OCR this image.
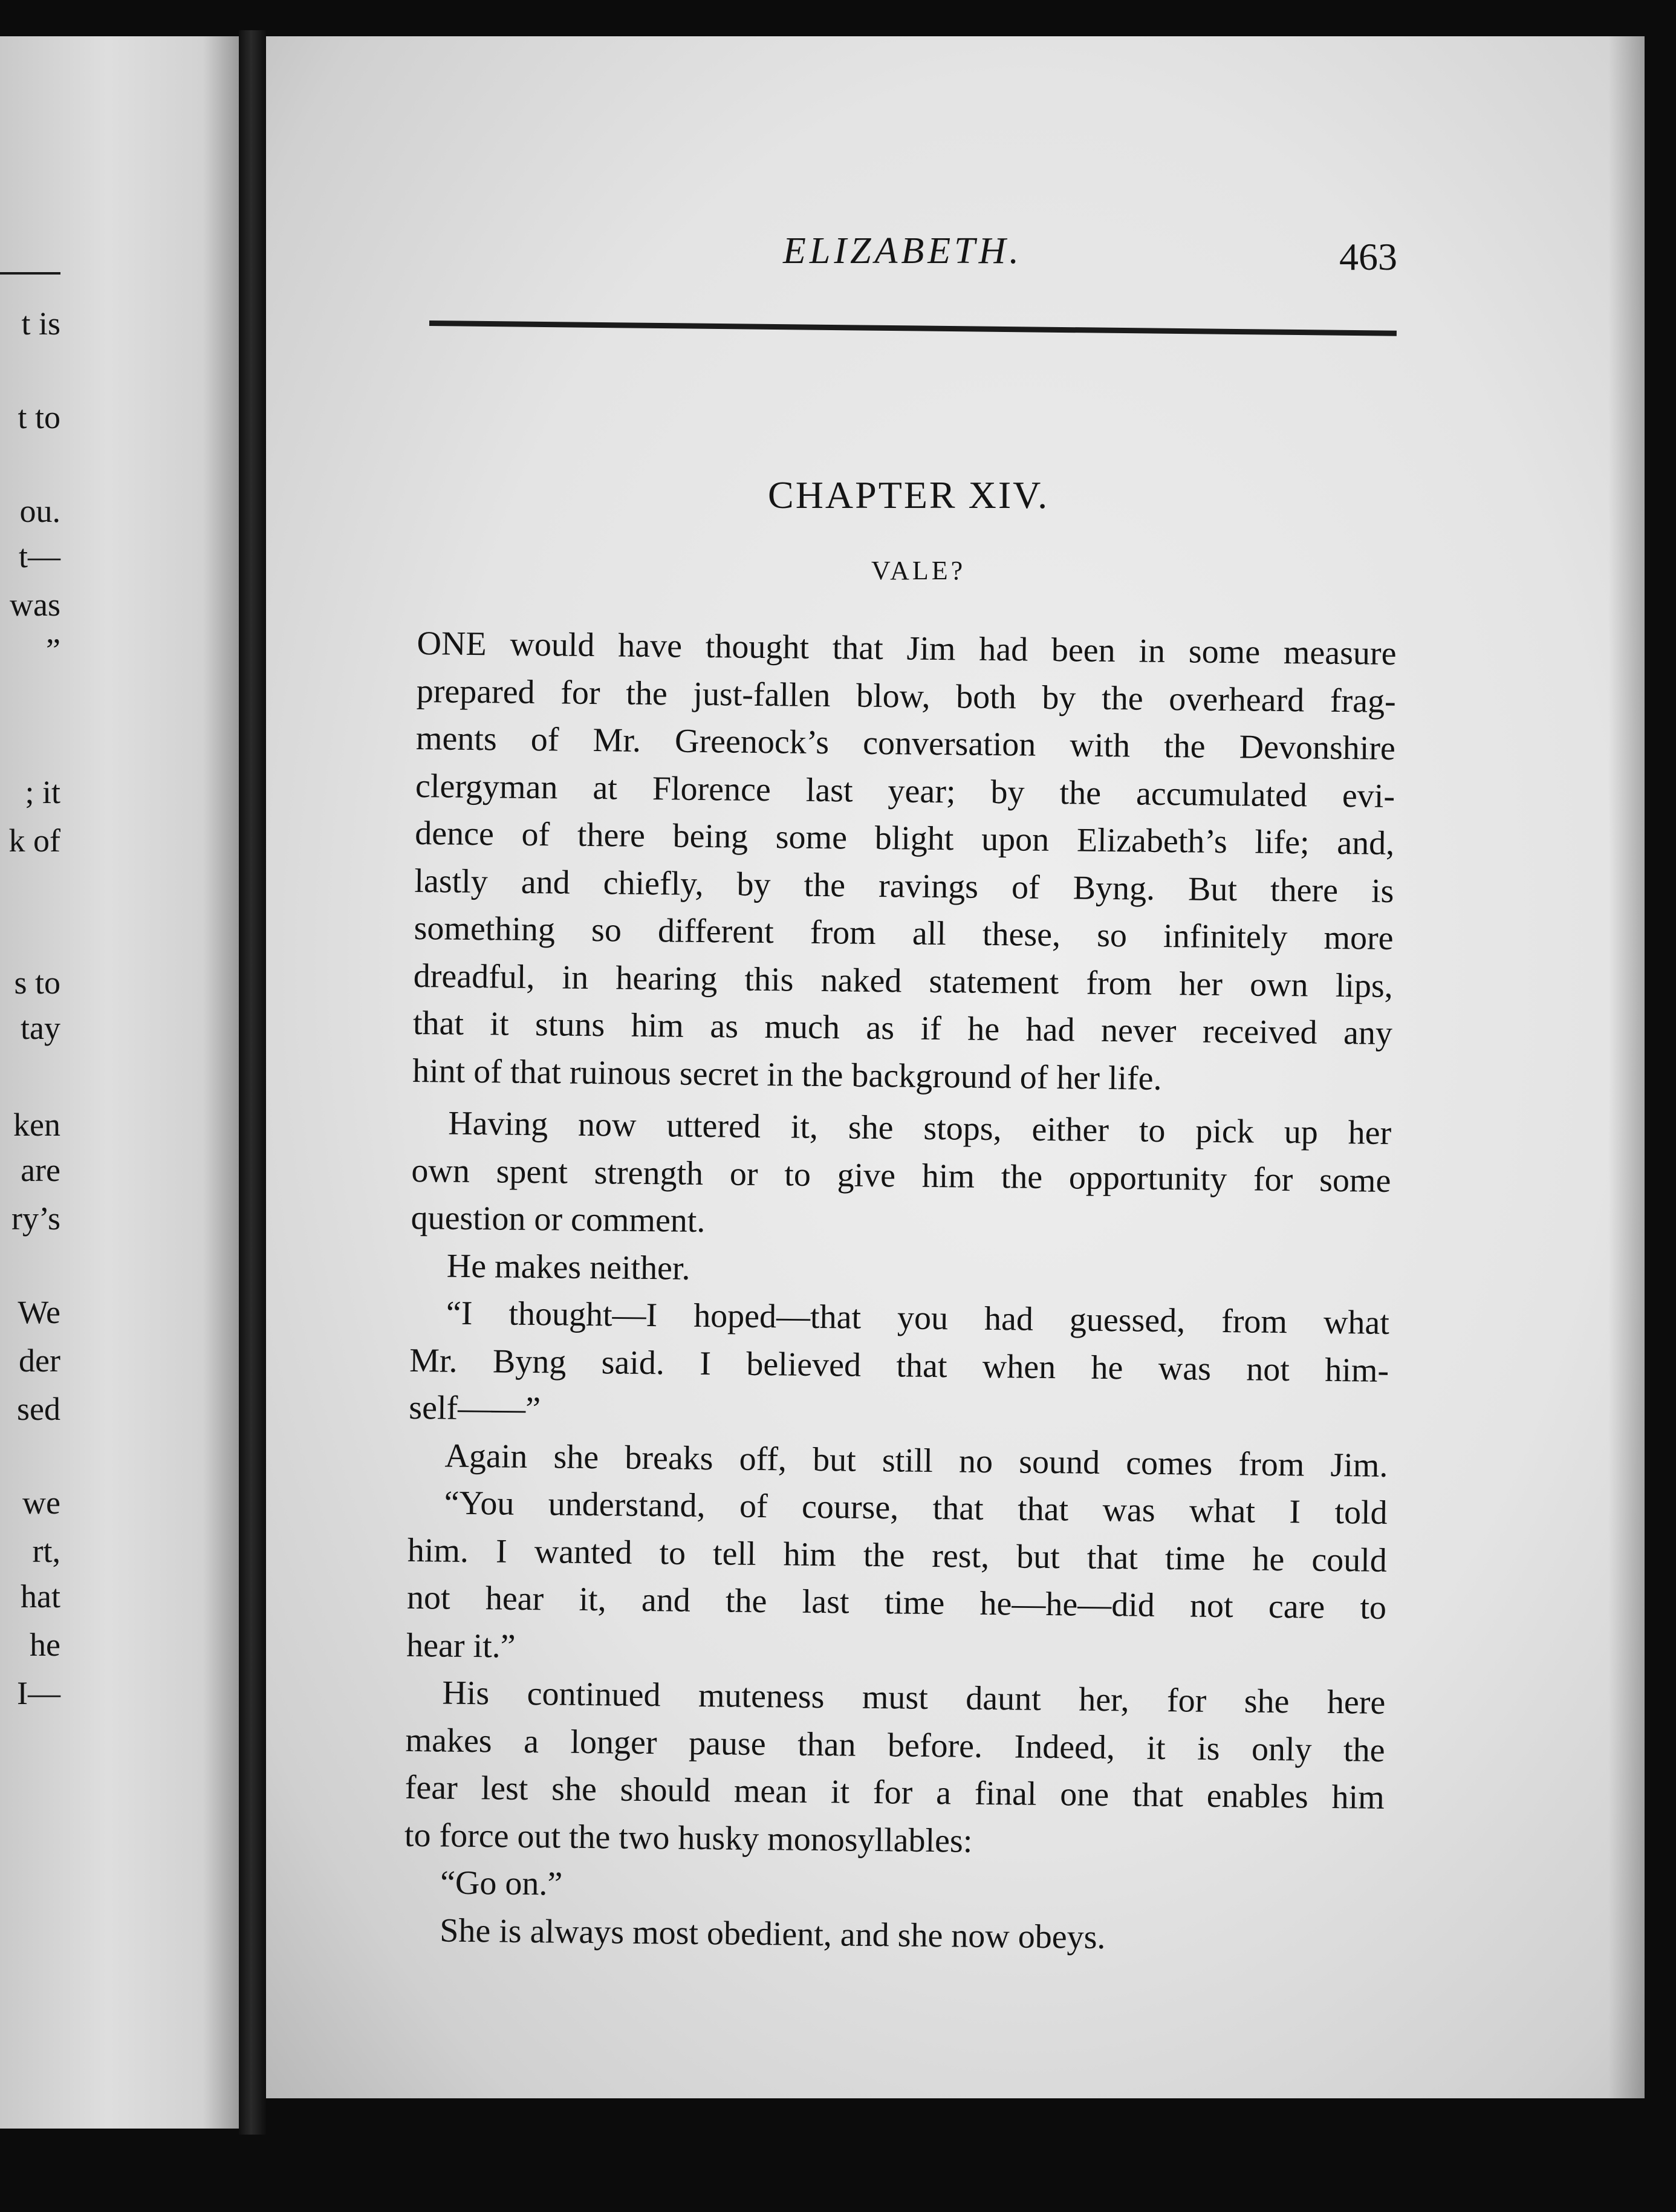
t is
t to
ou.
t—
was
”
; it
k of
s to
tay
ken
are
ry’s
We
der
sed
we
rt,
hat
he
I—
ELIZABETH.	463
CHAPTER XIV.
VALE?
ONE would have thought that Jim had been in some measure
prepared for the just-fallen blow, both by the overheard frag-
ments of Mr. Greenock’s conversation with the Devonshire
clergyman at Florence last year; by the accumulated evi-
dence of there being some blight upon Elizabeth’s life; and,
lastly and chiefly, by the ravings of Byng. But there is
something so different from all these, so infinitely more
dreadful, in hearing this naked statement from her own lips,
that it stuns him as much as if he had never received any
hint of that ruinous secret in the background of her life.
Having now uttered it, she stops, either to pick up her
own spent strength or to give him the opportunity for some
question or comment.
He makes neither.
“I thought—I hoped—that you had guessed, from what
Mr. Byng said. I believed that when he was not him-
self——”
Again she breaks off, but still no sound comes from Jim.
“You understand, of course, that that was what I told
him. I wanted to tell him the rest, but that time he could
not hear it, and the last time he—he—did not care to
hear it.”
His continued muteness must daunt her, for she here
makes a longer pause than before. Indeed, it is only the
fear lest she should mean it for a final one that enables him
to force out the two husky monosyllables:
“Go on.”
She is always most obedient, and she now obeys.
